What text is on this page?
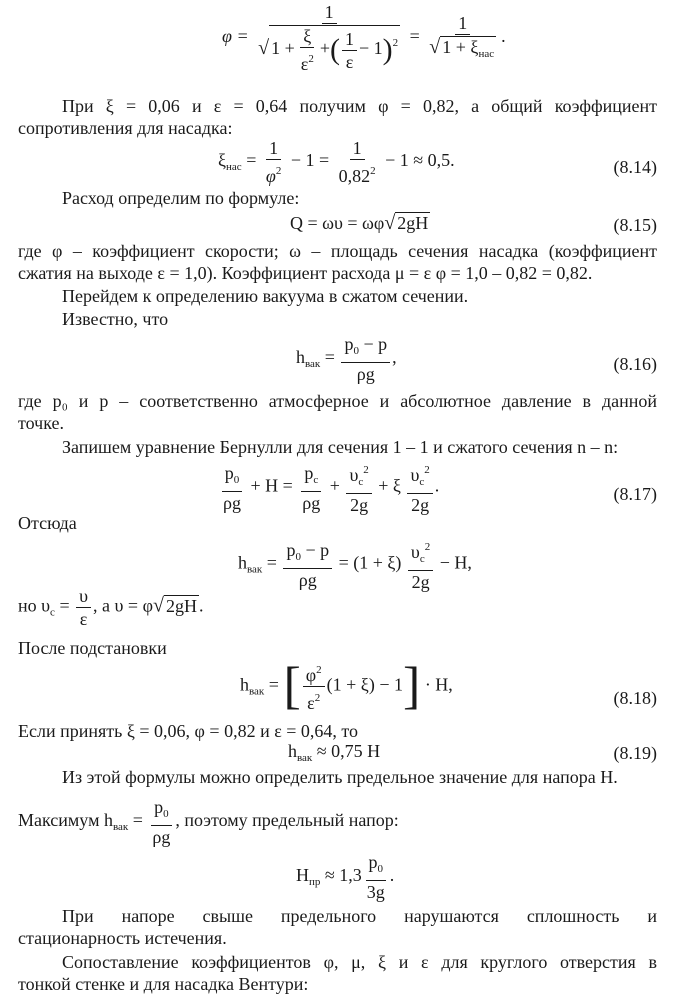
$\varphi = \frac{1}{√ 1 + \frac{\xi}{\varepsilon^2} +( \frac{1}{\varepsilon} - 1)^2} = \frac{1}{√ 1 + \xi_{нас}}$ .
При ξ = 0,06 и ε = 0,64 получим φ = 0,82, а общий коэффициент
сопротивления для насадка:
$\xi_{нас} = \frac{1}{\varphi^2} - 1 = \frac{1}{0,82^2} - 1 \approx 0,5$.	(8.14)
Расход определим по формуле:
Q = ωυ = ωφ√ 2gH	(8.15)
где φ – коэффициент скорости; ω – площадь сечения насадка (коэффициент
сжатия на выходе ε = 1,0). Коэффициент расхода μ = ε φ = 1,0 – 0,82 = 0,82.
Перейдем к определению вакуума в сжатом сечении.
Известно, что
$h_{вак} = \frac{p_0 - p}{\rho g}$ ,	(8.16)
где p₀ и p – соответственно атмосферное и абсолютное давление в данной
точке.
Запишем уравнение Бернулли для сечения 1 – 1 и сжатого сечения n – n:
$\frac{p_0}{\rho g} + H = \frac{p_c}{\rho g} + \frac{\upsilon_c^2}{2g} + \xi \frac{\upsilon_c^2}{2g}$ .	(8.17)
Отсюда
$h_{вак} = \frac{p_0 - p}{\rho g} = (1 + \xi) \frac{\upsilon_c^2}{2g} - H$,
но $\upsilon_c = \frac{\upsilon}{\varepsilon}$ , а υ = φ√ 2gH .
После подстановки
$h_{вак}$ = [ $\frac{\varphi^2}{\varepsilon^2} (1 + \xi) - 1] \cdot H$,
(8.18)
Если принять ξ = 0,06, φ = 0,82 и ε = 0,64, то
$h_{вак} \approx 0,75$ H	(8.19)
Из этой формулы можно определить предельное значение для напора H.
Максимум $h_{вак} = \frac{p_0}{\rho g}$ , поэтому предельный напор:
$H_{пр} \approx 1,3 \frac{p_0}{3g}$ .
При напоре свыше предельного нарушаются сплошность и
стационарность истечения.
Сопоставление коэффициентов φ, μ, ξ и ε для круглого отверстия в
тонкой стенке и для насадка Вентури:
